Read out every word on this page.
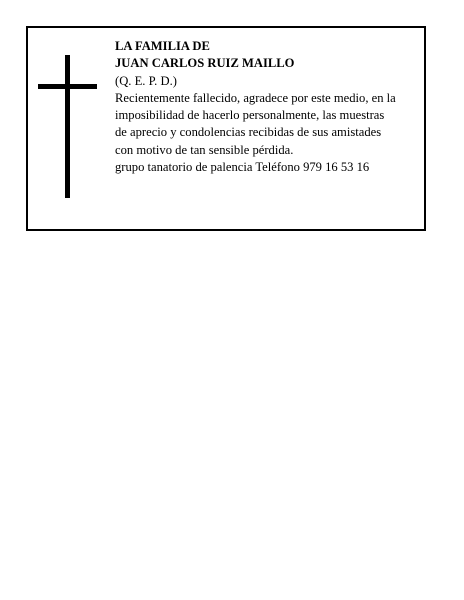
LA FAMILIA DE

JUAN CARLOS RUIZ MAILLO

(Q. E. P. D.)

Recientemente fallecido, agradece por este medio, en la

imposibilidad de hacerlo personalmente, las muestras

de aprecio y condolencias recibidas de sus amistades

con motivo de tan sensible pérdida.

grupo tanatorio de palencia Teléfono 979 16 53 16
